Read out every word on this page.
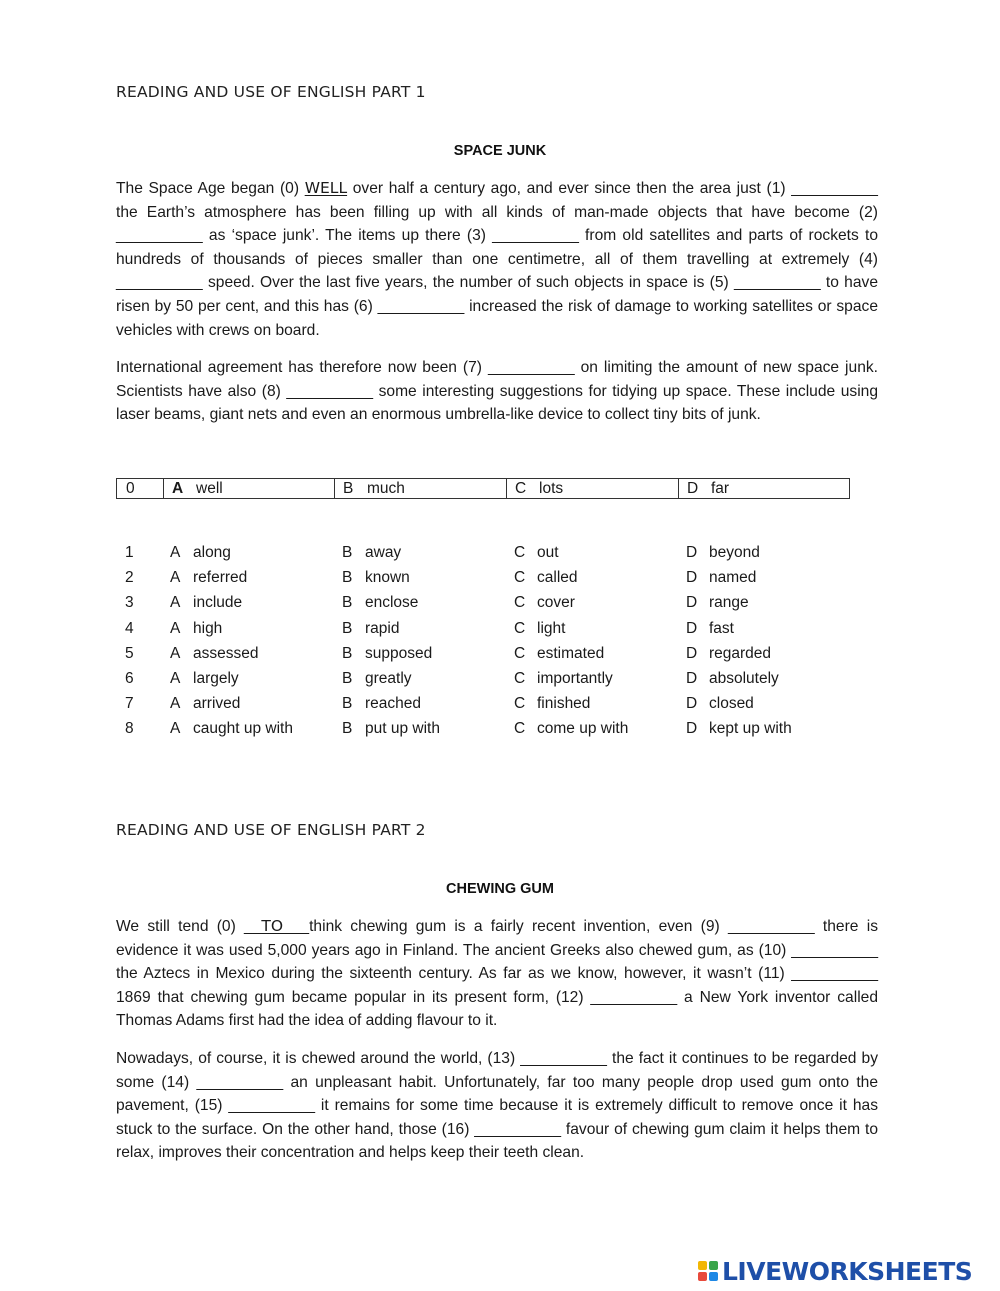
READING AND USE OF ENGLISH PART 1
SPACE JUNK

The Space Age began (0) WELL over half a century ago, and ever since then the area just (1) __________ the Earth’s atmosphere has been filling up with all kinds of man-made objects that have become (2) __________ as ‘space junk’. The items up there (3) __________ from old satellites and parts of rockets to hundreds of thousands of pieces smaller than one centimetre, all of them travelling at extremely (4) __________ speed. Over the last five years, the number of such objects in space is (5) __________ to have risen by 50 per cent, and this has (6) __________ increased the risk of damage to working satellites or space vehicles with crews on board.

International agreement has therefore now been (7) __________ on limiting the amount of new space junk. Scientists have also (8) __________ some interesting suggestions for tidying up space. These include using laser beams, giant nets and even an enormous umbrella-like device to collect tiny bits of junk.

0	A well	B much	C lots	D far
1 A along	B away	C out	D beyond
2 A referred	B known	C called	D named
3 A include	B enclose	C cover	D range
4 A high	B rapid	C light	D fast
5 A assessed	B supposed	C estimated	D regarded
6 A largely	B greatly	C importantly	D absolutely
7 A arrived	B reached	C finished	D closed
8 A caught up with	B put up with	C come up with	D kept up with
READING AND USE OF ENGLISH PART 2
CHEWING GUM

We still tend (0) __TO___think chewing gum is a fairly recent invention, even (9) __________ there is evidence it was used 5,000 years ago in Finland. The ancient Greeks also chewed gum, as (10) __________ the Aztecs in Mexico during the sixteenth century. As far as we know, however, it wasn’t (11) __________ 1869 that chewing gum became popular in its present form, (12) __________ a New York inventor called Thomas Adams first had the idea of adding flavour to it.

Nowadays, of course, it is chewed around the world, (13) __________ the fact it continues to be regarded by some (14) __________ an unpleasant habit. Unfortunately, far too many people drop used gum onto the pavement, (15) __________ it remains for some time because it is extremely difficult to remove once it has stuck to the surface. On the other hand, those (16) __________ favour of chewing gum claim it helps them to relax, improves their concentration and helps keep their teeth clean.

LIVEWORKSHEETS
